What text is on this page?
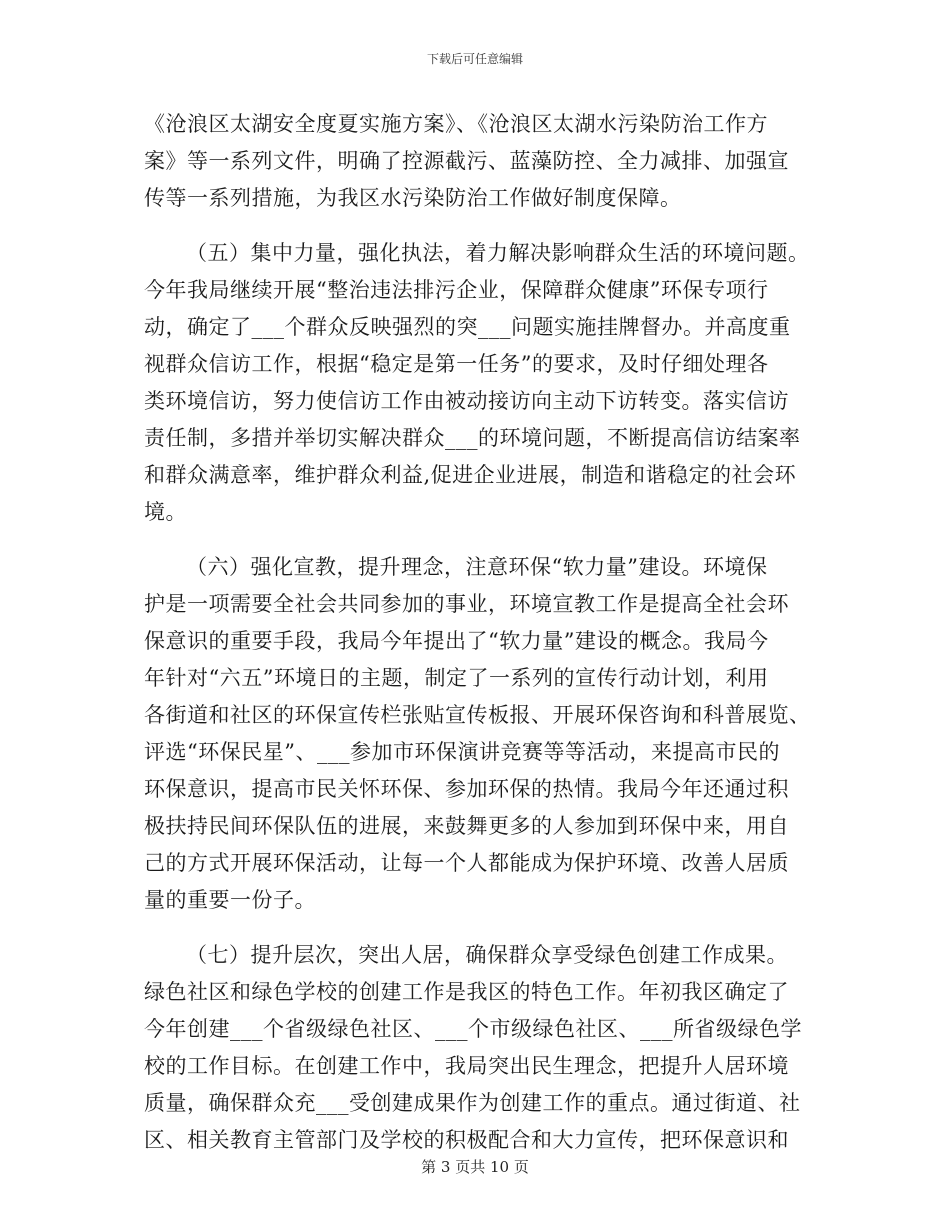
下载后可任意编辑
《沧浪区太湖安全度夏实施方案》、《沧浪区太湖水污染防治工作方
案》等一系列文件，明确了控源截污、蓝藻防控、全力减排、加强宣
传等一系列措施，为我区水污染防治工作做好制度保障。
（五）集中力量，强化执法，着力解决影响群众生活的环境问题。
今年我局继续开展“整治违法排污企业，保障群众健康”环保专项行
动，确定了___个群众反映强烈的突___问题实施挂牌督办。并高度重
视群众信访工作，根据“稳定是第一任务”的要求，及时仔细处理各
类环境信访，努力使信访工作由被动接访向主动下访转变。落实信访
责任制，多措并举切实解决群众___的环境问题，不断提高信访结案率
和群众满意率，维护群众利益,促进企业进展，制造和谐稳定的社会环
境。
（六）强化宣教，提升理念，注意环保“软力量”建设。环境保
护是一项需要全社会共同参加的事业，环境宣教工作是提高全社会环
保意识的重要手段，我局今年提出了“软力量”建设的概念。我局今
年针对“六五”环境日的主题，制定了一系列的宣传行动计划，利用
各街道和社区的环保宣传栏张贴宣传板报、开展环保咨询和科普展览、
评选“环保民星”、___参加市环保演讲竞赛等等活动，来提高市民的
环保意识，提高市民关怀环保、参加环保的热情。我局今年还通过积
极扶持民间环保队伍的进展，来鼓舞更多的人参加到环保中来，用自
己的方式开展环保活动，让每一个人都能成为保护环境、改善人居质
量的重要一份子。
（七）提升层次，突出人居，确保群众享受绿色创建工作成果。
绿色社区和绿色学校的创建工作是我区的特色工作。年初我区确定了
今年创建___个省级绿色社区、___个市级绿色社区、___所省级绿色学
校的工作目标。在创建工作中，我局突出民生理念，把提升人居环境
质量，确保群众充___受创建成果作为创建工作的重点。通过街道、社
区、相关教育主管部门及学校的积极配合和大力宣传，把环保意识和
第 3 页共 10 页
